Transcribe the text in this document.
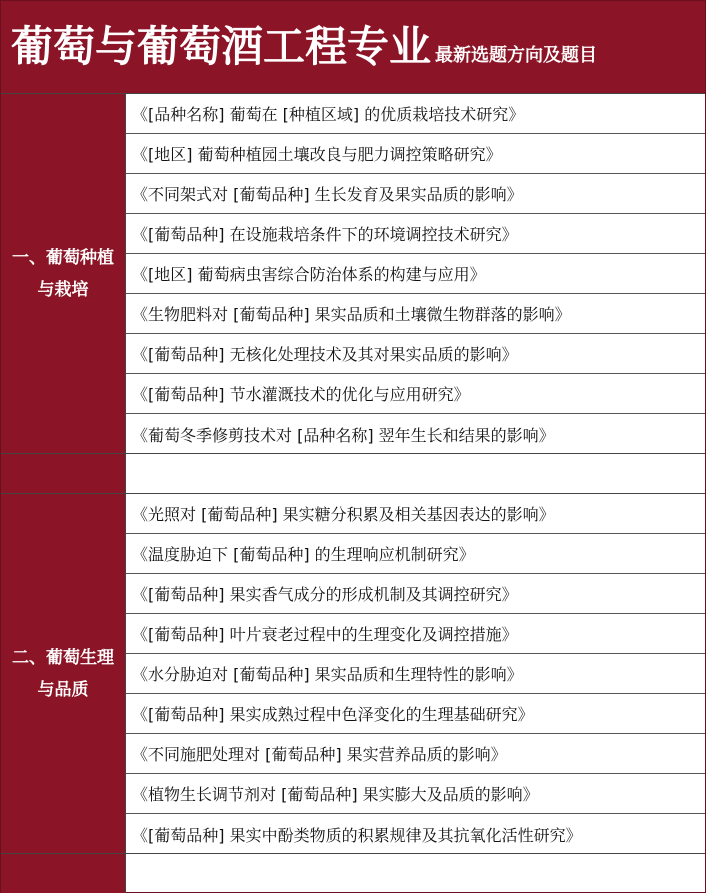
葡萄与葡萄酒工程专业 最新选题方向及题目
一、葡萄种植与栽培
《[品种名称] 葡萄在 [种植区域] 的优质栽培技术研究》
《[地区] 葡萄种植园土壤改良与肥力调控策略研究》
《不同架式对 [葡萄品种] 生长发育及果实品质的影响》
《[葡萄品种] 在设施栽培条件下的环境调控技术研究》
《[地区] 葡萄病虫害综合防治体系的构建与应用》
《生物肥料对 [葡萄品种] 果实品质和土壤微生物群落的影响》
《[葡萄品种] 无核化处理技术及其对果实品质的影响》
《[葡萄品种] 节水灌溉技术的优化与应用研究》
《葡萄冬季修剪技术对 [品种名称] 翌年生长和结果的影响》
二、葡萄生理与品质
《光照对 [葡萄品种] 果实糖分积累及相关基因表达的影响》
《温度胁迫下 [葡萄品种] 的生理响应机制研究》
《[葡萄品种] 果实香气成分的形成机制及其调控研究》
《[葡萄品种] 叶片衰老过程中的生理变化及调控措施》
《水分胁迫对 [葡萄品种] 果实品质和生理特性的影响》
《[葡萄品种] 果实成熟过程中色泽变化的生理基础研究》
《不同施肥处理对 [葡萄品种] 果实营养品质的影响》
《植物生长调节剂对 [葡萄品种] 果实膨大及品质的影响》
《[葡萄品种] 果实中酚类物质的积累规律及其抗氧化活性研究》
